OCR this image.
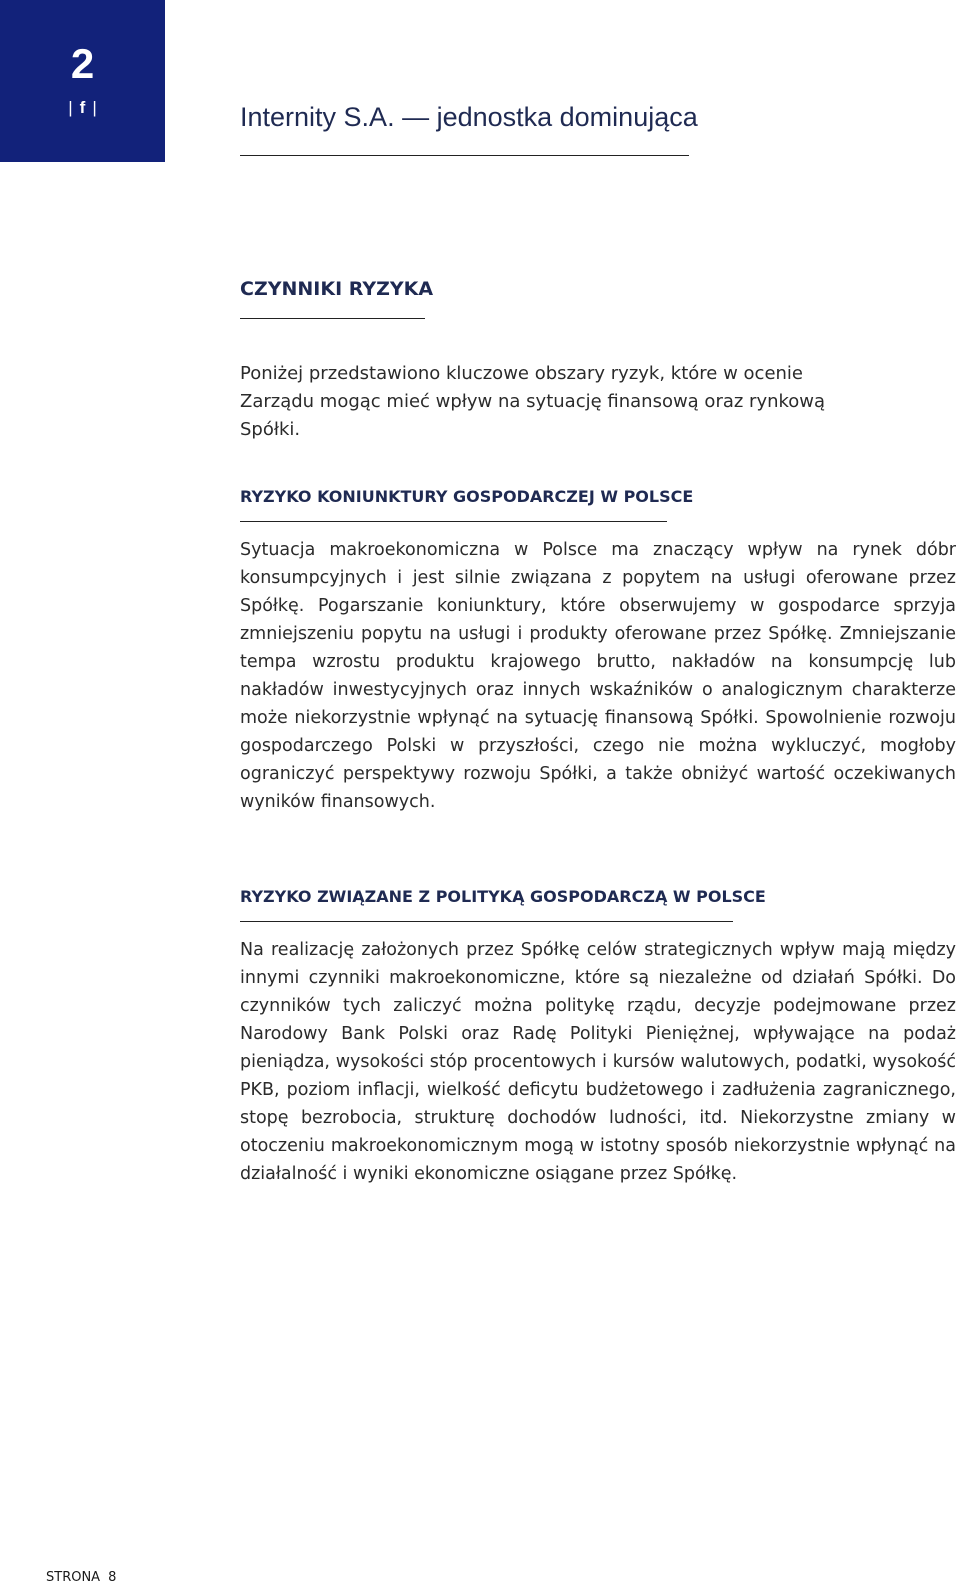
2
| f |	Internity S.A. — jednostka dominująca
CZYNNIKI RYZYKA
Poniżej przedstawiono kluczowe obszary ryzyk, które w ocenie Zarządu mogąc mieć wpływ na sytuację finansową oraz rynkową Spółki.
RYZYKO KONIUNKTURY GOSPODARCZEJ W POLSCE
Sytuacja makroekonomiczna w Polsce ma znaczący wpływ na rynek dóbr konsumpcyjnych i jest silnie związana z popytem na usługi oferowane przez Spółkę. Pogarszanie koniunktury, które obserwujemy w gospodarce sprzyja zmniejszeniu popytu na usługi i produkty oferowane przez Spółkę. Zmniejszanie tempa wzrostu produktu krajowego brutto, nakładów na konsumpcję lub nakładów inwestycyjnych oraz innych wskaźników o analogicznym charakterze może niekorzystnie wpłynąć na sytuację finansową Spółki. Spowolnienie rozwoju gospodarczego Polski w przyszłości, czego nie można wykluczyć, mogłoby ograniczyć perspektywy rozwoju Spółki, a także obniżyć wartość oczekiwanych wyników finansowych.
RYZYKO ZWIĄZANE Z POLITYKĄ GOSPODARCZĄ W POLSCE
Na realizację założonych przez Spółkę celów strategicznych wpływ mają między innymi czynniki makroekonomiczne, które są niezależne od działań Spółki. Do czynników tych zaliczyć można politykę rządu, decyzje podejmowane przez Narodowy Bank Polski oraz Radę Polityki Pieniężnej, wpływające na podaż pieniądza, wysokości stóp procentowych i kursów walutowych, podatki, wysokość PKB, poziom inflacji, wielkość deficytu budżetowego i zadłużenia zagranicznego, stopę bezrobocia, strukturę dochodów ludności, itd. Niekorzystne zmiany w otoczeniu makroekonomicznym mogą w istotny sposób niekorzystnie wpłynąć na działalność i wyniki ekonomiczne osiągane przez Spółkę.
STRONA 8
